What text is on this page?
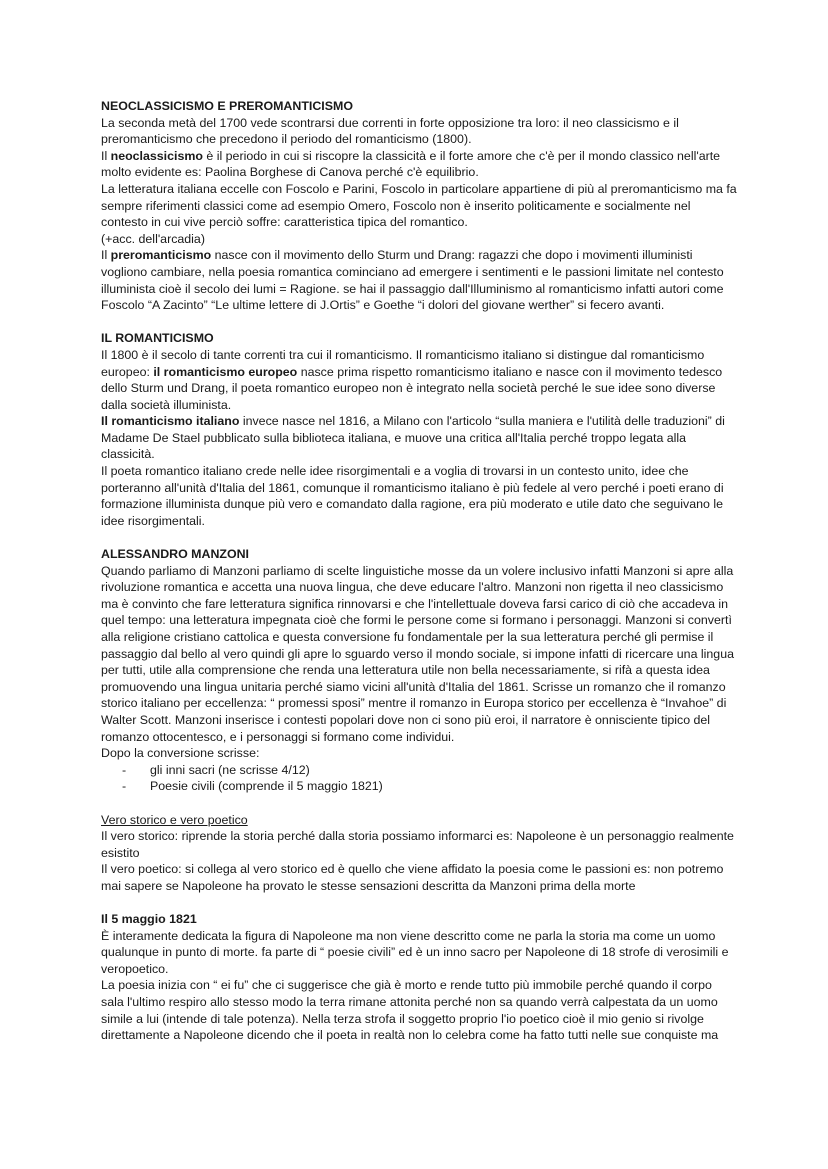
NEOCLASSICISMO E PREROMANTICISMO

La seconda metà del 1700 vede scontrarsi due correnti in forte opposizione tra loro: il neo classicismo e il preromanticismo che precedono il periodo del romanticismo (1800).

Il neoclassicismo è il periodo in cui si riscopre la classicità e il forte amore che c'è per il mondo classico nell'arte molto evidente es: Paolina Borghese di Canova perché c'è equilibrio.

La letteratura italiana eccelle con Foscolo e Parini, Foscolo in particolare appartiene di più al preromanticismo ma fa sempre riferimenti classici come ad esempio Omero, Foscolo non è inserito politicamente e socialmente nel contesto in cui vive perciò soffre: caratteristica tipica del romantico.

(+acc. dell'arcadia)

Il preromanticismo nasce con il movimento dello Sturm und Drang: ragazzi che dopo i movimenti illuministi vogliono cambiare, nella poesia romantica cominciano ad emergere i sentimenti e le passioni limitate nel contesto illuminista cioè il secolo dei lumi = Ragione. se hai il passaggio dall'Illuminismo al romanticismo infatti autori come Foscolo “A Zacinto” “Le ultime lettere di J.Ortis” e Goethe “i dolori del giovane werther” si fecero avanti.

IL ROMANTICISMO

Il 1800 è il secolo di tante correnti tra cui il romanticismo. Il romanticismo italiano si distingue dal romanticismo europeo: il romanticismo europeo nasce prima rispetto romanticismo italiano e nasce con il movimento tedesco dello Sturm und Drang, il poeta romantico europeo non è integrato nella società perché le sue idee sono diverse dalla società illuminista.

Il romanticismo italiano invece nasce nel 1816, a Milano con l'articolo “sulla maniera e l'utilità delle traduzioni” di Madame De Stael pubblicato sulla biblioteca italiana, e muove una critica all'Italia perché troppo legata alla classicità.

Il poeta romantico italiano crede nelle idee risorgimentali e a voglia di trovarsi in un contesto unito, idee che porteranno all'unità d'Italia del 1861, comunque il romanticismo italiano è più fedele al vero perché i poeti erano di formazione illuminista dunque più vero e comandato dalla ragione, era più moderato e utile dato che seguivano le idee risorgimentali.

ALESSANDRO MANZONI

Quando parliamo di Manzoni parliamo di scelte linguistiche mosse da un volere inclusivo infatti Manzoni si apre alla rivoluzione romantica e accetta una nuova lingua, che deve educare l'altro. Manzoni non rigetta il neo classicismo ma è convinto che fare letteratura significa rinnovarsi e che l'intellettuale doveva farsi carico di ciò che accadeva in quel tempo: una letteratura impegnata cioè che formi le persone come si formano i personaggi. Manzoni si convertì alla religione cristiano cattolica e questa conversione fu fondamentale per la sua letteratura perché gli permise il passaggio dal bello al vero quindi gli apre lo sguardo verso il mondo sociale, si impone infatti di ricercare una lingua per tutti, utile alla comprensione che renda una letteratura utile non bella necessariamente, si rifà a questa idea promuovendo una lingua unitaria perché siamo vicini all'unità d'Italia del 1861. Scrisse un romanzo che il romanzo storico italiano per eccellenza: “ promessi sposi” mentre il romanzo in Europa storico per eccellenza è “Invahoe” di Walter Scott. Manzoni inserisce i contesti popolari dove non ci sono più eroi, il narratore è onnisciente tipico del romanzo ottocentesco, e i personaggi si formano come individui.

Dopo la conversione scrisse:

- gli inni sacri (ne scrisse 4/12)
- Poesie civili (comprende il 5 maggio 1821)

Vero storico e vero poetico

Il vero storico: riprende la storia perché dalla storia possiamo informarci es: Napoleone è un personaggio realmente esistito

Il vero poetico: si collega al vero storico ed è quello che viene affidato la poesia come le passioni es: non potremo mai sapere se Napoleone ha provato le stesse sensazioni descritta da Manzoni prima della morte

Il 5 maggio 1821

È interamente dedicata la figura di Napoleone ma non viene descritto come ne parla la storia ma come un uomo qualunque in punto di morte. fa parte di “ poesie civili” ed è un inno sacro per Napoleone di 18 strofe di verosimili e veropoetico.

La poesia inizia con “ ei fu” che ci suggerisce che già è morto e rende tutto più immobile perché quando il corpo sala l'ultimo respiro allo stesso modo la terra rimane attonita perché non sa quando verrà calpestata da un uomo simile a lui (intende di tale potenza). Nella terza strofa il soggetto proprio l'io poetico cioè il mio genio si rivolge direttamente a Napoleone dicendo che il poeta in realtà non lo celebra come ha fatto tutti nelle sue conquiste ma
